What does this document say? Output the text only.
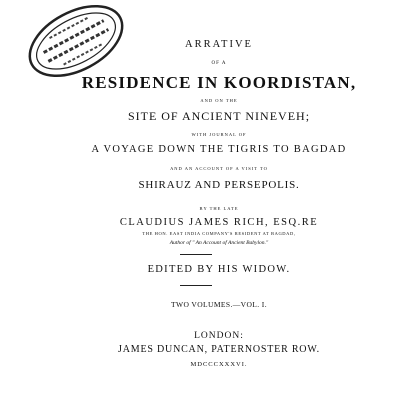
ARRATIVE
OF A
RESIDENCE IN KOORDISTAN,
AND ON THE
SITE OF ANCIENT NINEVEH;
WITH JOURNAL OF
A VOYAGE DOWN THE TIGRIS TO BAGDAD
AND AN ACCOUNT OF A VISIT TO
SHIRAUZ AND PERSEPOLIS.
BY THE LATE
CLAUDIUS JAMES RICH, ESQ.RE
THE HON. EAST INDIA COMPANY'S RESIDENT AT BAGDAD,
Author of " An Account of Ancient Babylon."
EDITED BY HIS WIDOW.
TWO VOLUMES.—VOL. I.
LONDON:
JAMES DUNCAN, PATERNOSTER ROW.
MDCCCXXXVI.
